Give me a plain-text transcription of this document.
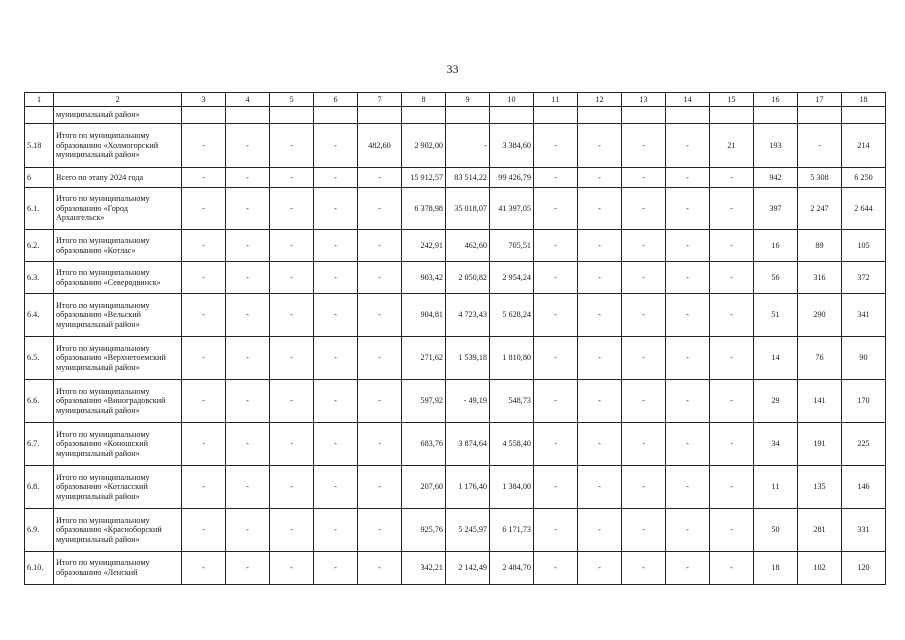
33
1	2	3	4	5	6	7	8	9	10	11	12	13	14	15	16	17	18

	муниципальный район»																

5.18	Итого по муниципальному
образованию «Холмогорский
муниципальный район»	-	-	-	-	482,60	2 902,00	-	3 384,60	-	-	-	-	21	193	-	214
6	Всего по этапу 2024 года	-	-	-	-	-	15 912,57	83 514,22	99 426,79	-	-	-	-	-	942	5 308	6 250
6.1.	Итого по муниципальному
образованию «Город
Архангельск»	-	-	-	-	-	6 378,98	35 018,07	41 397,05	-	-	-	-	-	397	2 247	2 644
6.2.	Итого по муниципальному
образованию «Котлас»	-	-	-	-	-	242,91	462,60	705,51	-	-	-	-	-	16	89	105
6.3.	Итого по муниципальному
образованию «Северодвинск»	-	-	-	-	-	903,42	2 050,82	2 954,24	-	-	-	-	-	56	316	372
6.4.	Итого по муниципальному
образованию «Вельский
муниципальный район»	-	-	-	-	-	904,81	4 723,43	5 628,24	-	-	-	-	-	51	290	341
6.5.	Итого по муниципальному
образованию «Верхнетоемский
муниципальный район»	-	-	-	-	-	271,62	1 539,18	1 810,80	-	-	-	-	-	14	76	90
6.6.	Итого по муниципальному
образованию «Виноградовский
муниципальный район»	-	-	-	-	-	597,92	- 49,19	548,73	-	-	-	-	-	29	141	170
6.7.	Итого по муниципальному
образованию «Коношский
муниципальный район»	-	-	-	-	-	683,76	3 874,64	4 558,40	-	-	-	-	-	34	191	225
6.8.	Итого по муниципальному
образованию «Котласский
муниципальный район»	-	-	-	-	-	207,60	1 176,40	1 384,00	-	-	-	-	-	11	135	146
6.9.	Итого по муниципальному
образованию «Красноборский
муниципальный район»	-	-	-	-	-	925,76	5 245,97	6 171,73	-	-	-	-	-	50	281	331
6.10.	Итого по муниципальному
образованию «Ленский	-	-	-	-	-	342,21	2 142,49	2 484,70	-	-	-	-	-	18	102	120
